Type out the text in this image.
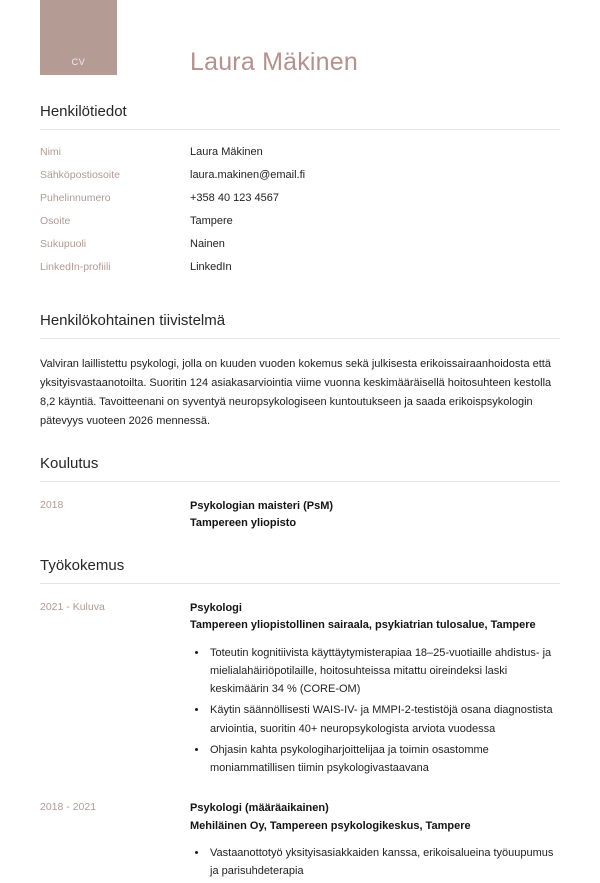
CV	Laura Mäkinen
Henkilötiedot
Nimi	Laura Mäkinen
Sähköpostiosoite	laura.makinen@email.fi
Puhelinnumero	+358 40 123 4567
Osoite	Tampere
Sukupuoli	Nainen
LinkedIn-profiili	LinkedIn
Henkilökohtainen tiivistelmä

Valviran laillistettu psykologi, jolla on kuuden vuoden kokemus sekä julkisesta erikoissairaanhoidosta että yksityisvastaanotoilta. Suoritin 124 asiakasarviointia viime vuonna keskimääräisellä hoitosuhteen kestolla 8,2 käyntiä. Tavoitteenani on syventyä neuropsykologiseen kuntoutukseen ja saada erikoispsykologin pätevyys vuoteen 2026 mennessä.

Koulutus
2018	Psykologian maisteri (PsM)
Tampereen yliopisto
Työkokemus
2021 - Kuluva	Psykologi
Tampereen yliopistollinen sairaala, psykiatrian tulosalue, Tampere
• Toteutin kognitiivista käyttäytymisterapiaa 18–25-vuotiaille ahdistus- ja mielialahäiriöpotilaille, hoitosuhteissa mitattu oireindeksi laski keskimäärin 34 % (CORE-OM)
• Käytin säännöllisesti WAIS-IV- ja MMPI-2-testistöjä osana diagnostista arviointia, suoritin 40+ neuropsykologista arviota vuodessa
• Ohjasin kahta psykologiharjoittelijaa ja toimin osastomme moniammatillisen tiimin psykologivastaavana
2018 - 2021	Psykologi (määräaikainen)
Mehiläinen Oy, Tampereen psykologikeskus, Tampere
• Vastaanottotyö yksityisasiakkaiden kanssa, erikoisalueina työuupumus ja parisuhdeterapia
